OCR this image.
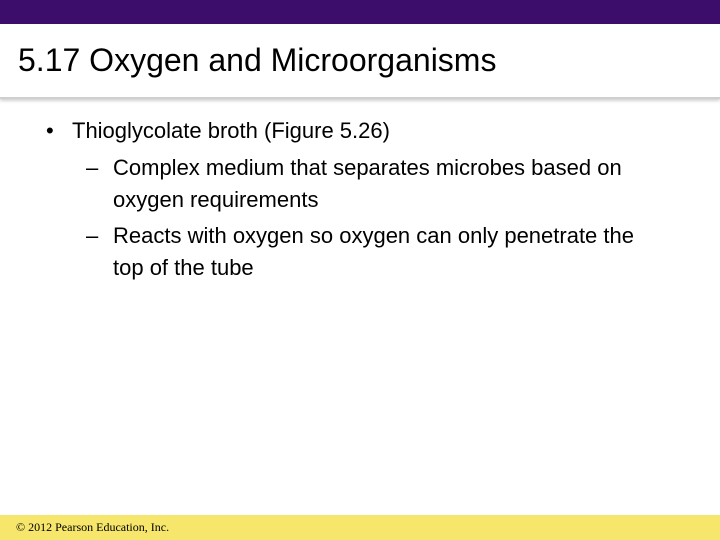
5.17 Oxygen and Microorganisms
• Thioglycolate broth (Figure 5.26)
– Complex medium that separates microbes based on oxygen requirements
– Reacts with oxygen so oxygen can only penetrate the top of the tube
© 2012 Pearson Education, Inc.
